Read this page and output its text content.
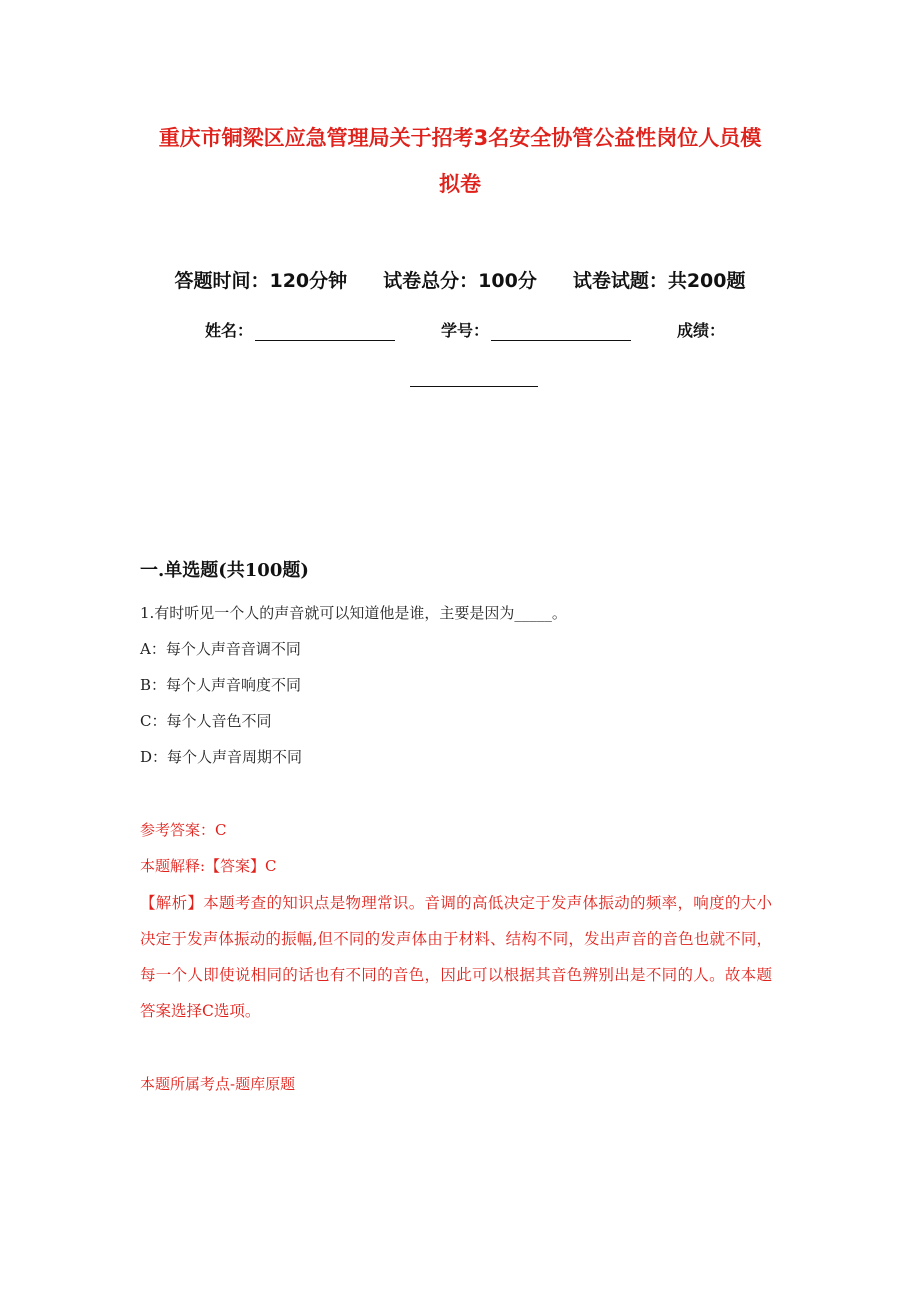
重庆市铜梁区应急管理局关于招考3名安全协管公益性岗位人员模
拟卷
答题时间：120分钟 试卷总分：100分 试卷试题：共200题
姓名：	学号：	成绩：
一.单选题(共100题)
1.有时听见一个人的声音就可以知道他是谁，主要是因为_____。
A：每个人声音音调不同
B：每个人声音响度不同
C：每个人音色不同
D：每个人声音周期不同
参考答案：C
本题解释:【答案】C
【解析】本题考查的知识点是物理常识。音调的高低决定于发声体振动的频率，响度的大小决定于发声体振动的振幅,但不同的发声体由于材料、结构不同，发出声音的音色也就不同，每一个人即使说相同的话也有不同的音色，因此可以根据其音色辨别出是不同的人。故本题答案选择C选项。
本题所属考点-题库原题
